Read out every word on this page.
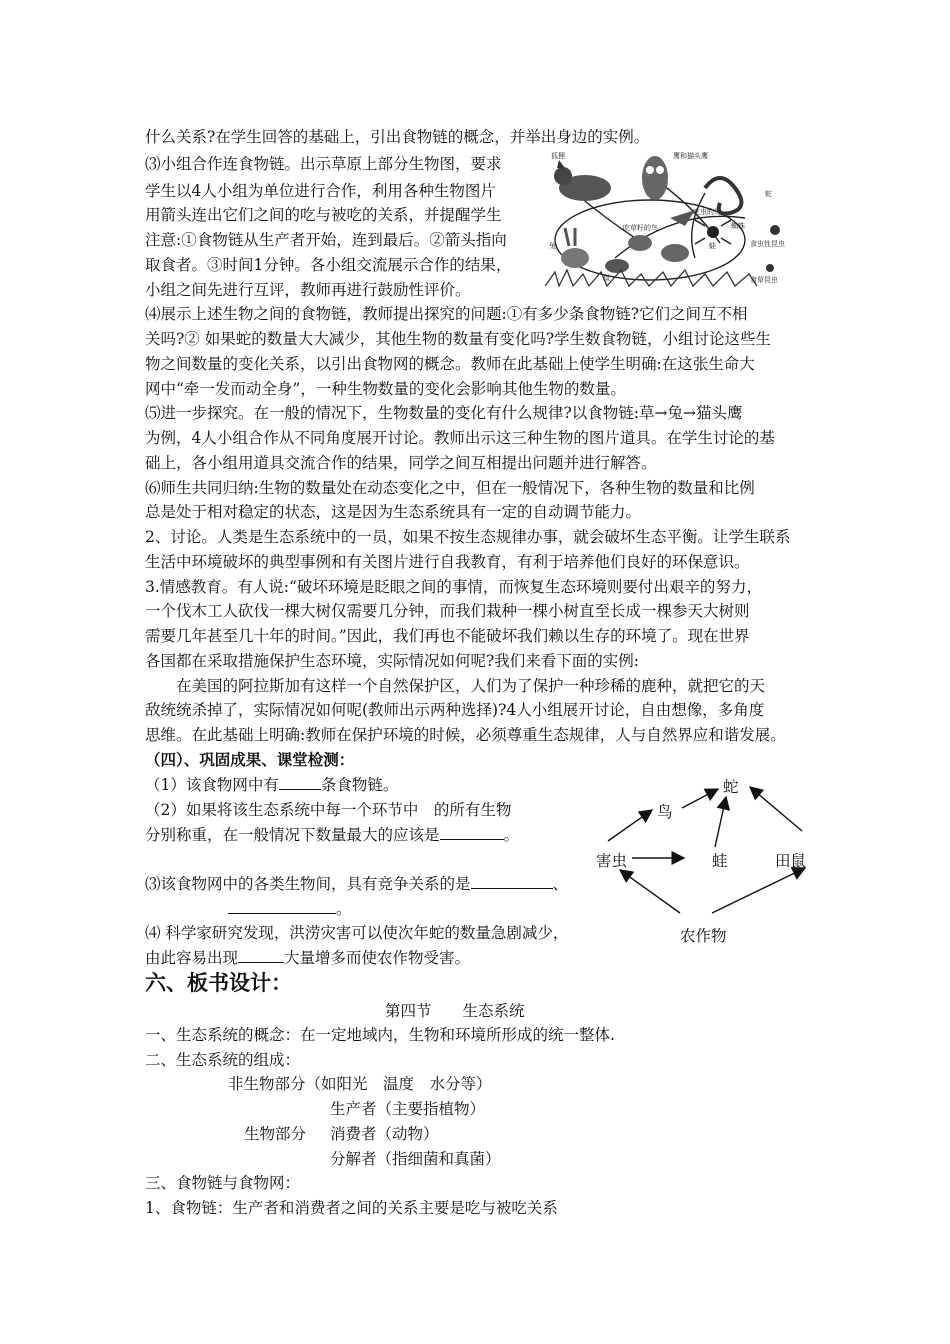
什么关系?在学生回答的基础上，引出食物链的概念，并举出身边的实例。
⑶小组合作连食物链。出示草原上部分生物图，要求
学生以4人小组为单位进行合作，利用各种生物图片
用箭头连出它们之间的吃与被吃的关系，并提醒学生
注意:①食物链从生产者开始，连到最后。②箭头指向
取食者。③时间1分钟。各小组交流展示合作的结果，
小组之间先进行互评，教师再进行鼓励性评价。
⑷展示上述生物之间的食物链，教师提出探究的问题:①有多少条食物链?它们之间互不相
关吗?② 如果蛇的数量大大减少，其他生物的数量有变化吗?学生数食物链，小组讨论这些生
物之间数量的变化关系，以引出食物网的概念。教师在此基础上使学生明确:在这张生命大
网中“牵一发而动全身”，一种生物数量的变化会影响其他生物的数量。
⑸进一步探究。在一般的情况下，生物数量的变化有什么规律?以食物链:草→兔→猫头鹰
为例，4人小组合作从不同角度展开讨论。教师出示这三种生物的图片道具。在学生讨论的基
础上，各小组用道具交流合作的结果，同学之间互相提出问题并进行解答。
⑹师生共同归纳:生物的数量处在动态变化之中，但在一般情况下，各种生物的数量和比例
总是处于相对稳定的状态，这是因为生态系统具有一定的自动调节能力。
2、讨论。人类是生态系统中的一员，如果不按生态规律办事，就会破坏生态平衡。让学生联系
生活中环境破坏的典型事例和有关图片进行自我教育，有利于培养他们良好的环保意识。
3.情感教育。有人说:“破坏环境是眨眼之间的事情，而恢复生态环境则要付出艰辛的努力，
一个伐木工人砍伐一棵大树仅需要几分钟，而我们栽种一棵小树直至长成一棵参天大树则
需要几年甚至几十年的时间。”因此，我们再也不能破坏我们赖以生存的环境了。现在世界
各国都在采取措施保护生态环境，实际情况如何呢?我们来看下面的实例:
　　在美国的阿拉斯加有这样一个自然保护区，人们为了保护一种珍稀的鹿种，就把它的天
敌统统杀掉了，实际情况如何呢(教师出示两种选择)?4人小组展开讨论，自由想像，多角度
思维。在此基础上明确:教师在保护环境的时候，必须尊重生态规律，人与自然界应和谐发展。
狐狸	鹰和猫头鹰
蛇
吃虫的鸟
蛙
吃草籽的鸟	蜘蛛
兔
鼠	食草昆虫
食虫性昆虫
（四）、巩固成果、课堂检测：
（1）该食物网中有	条食物链。
（2）如果将该生态系统中每一个环节中　的所有生物
分别称重，在一般情况下数量最大的应该是	。
⑶该食物网中的各类生物间，具有竞争关系的是	、
。
⑷ 科学家研究发现，洪涝灾害可以使次年蛇的数量急剧减少，
由此容易出现	大量增多而使农作物受害。
蛇
鸟
害虫	蛙	田鼠
农作物
六、板书设计：
第四节　　生态系统
一、生态系统的概念：在一定地域内，生物和环境所形成的统一整体.
二、生态系统的组成：
非生物部分（如阳光　温度　水分等）
生产者（主要指植物）
生物部分 消费者（动物）
分解者（指细菌和真菌）
三、食物链与食物网：
1、食物链：生产者和消费者之间的关系主要是吃与被吃关系
